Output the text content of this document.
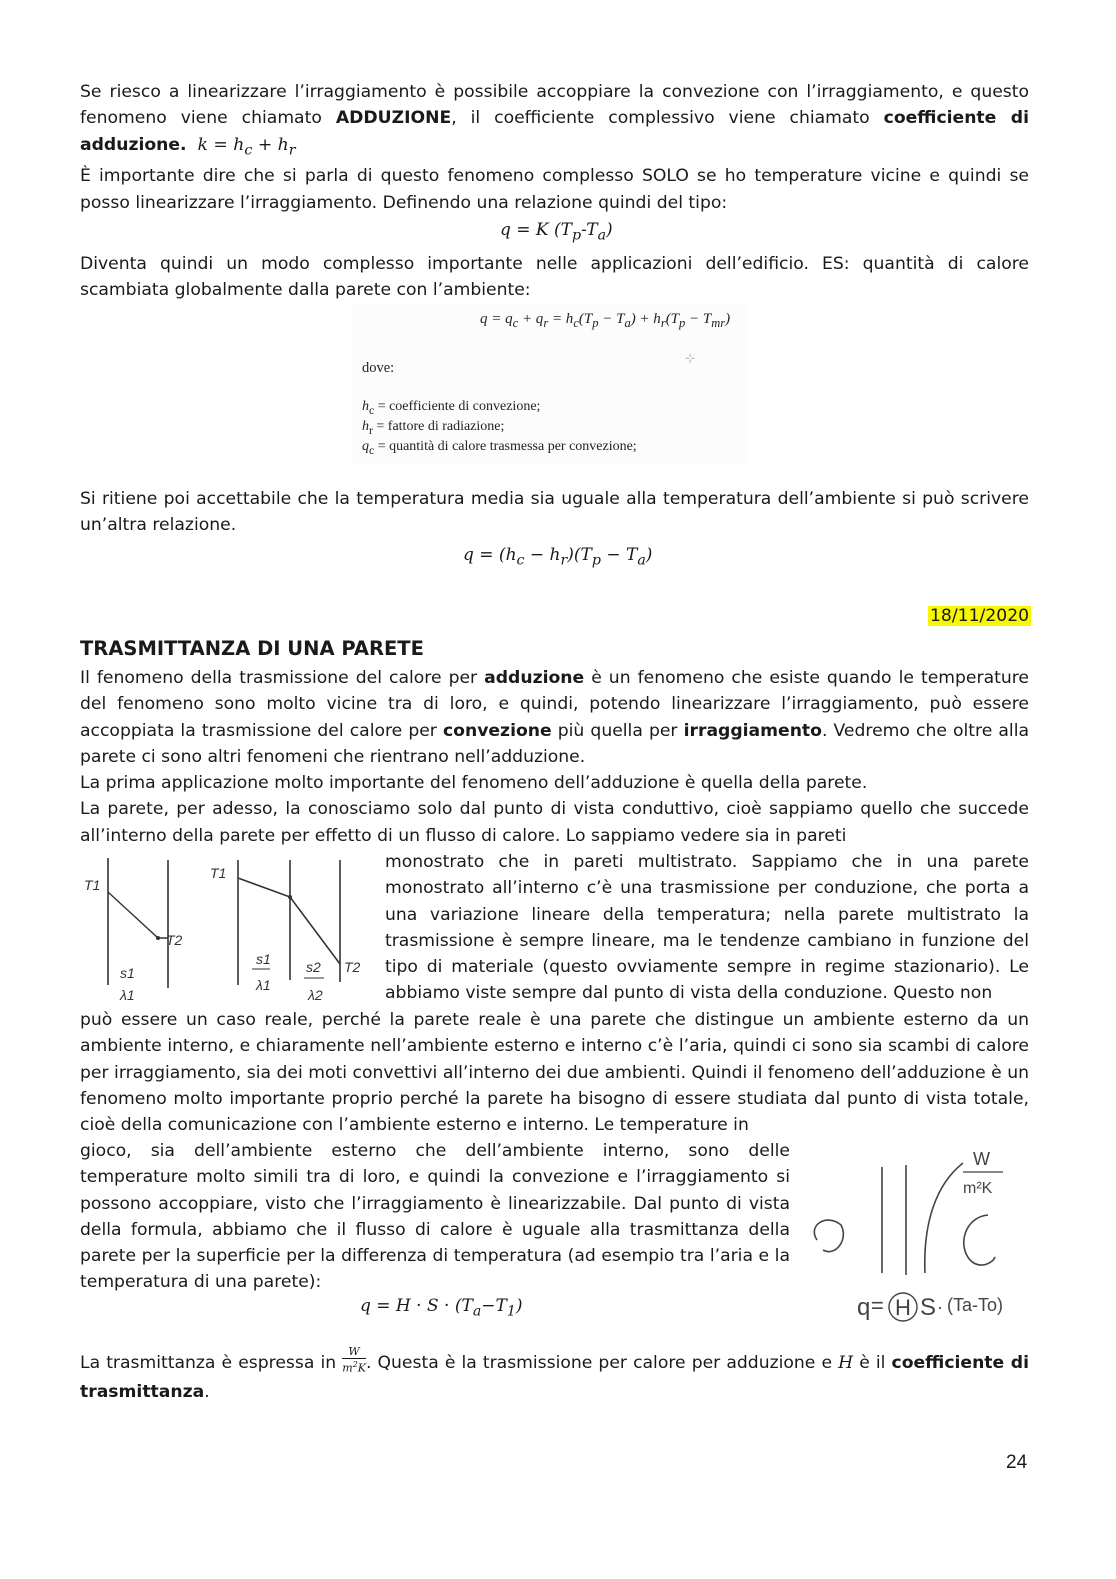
Se riesco a linearizzare l’irraggiamento è possibile accoppiare la convezione con l’irraggiamento, e questo fenomeno viene chiamato ADDUZIONE, il coefficiente complessivo viene chiamato coefficiente di adduzione. $k = h_c + h_r$

È importante dire che si parla di questo fenomeno complesso SOLO se ho temperature vicine e quindi se posso linearizzare l’irraggiamento. Definendo una relazione quindi del tipo:

q = K $(T_p-T_a)$

Diventa quindi un modo complesso importante nelle applicazioni dell’edificio. ES: quantità di calore scambiata globalmente dalla parete con l’ambiente:

$q = q_c + q_r = h_c(T_p - T_a) + h_r(T_p - T_{mr})$
dove:
$h_c$ = coefficiente di convezione;
$h_r$ = fattore di radiazione;
$q_c$ = quantità di calore trasmessa per convezione;
⊹

Si ritiene poi accettabile che la temperatura media sia uguale alla temperatura dell’ambiente si può scrivere un’altra relazione.

$q = (h_c - h_r)(T_p - T_a)$
18/11/2020
TRASMITTANZA DI UNA PARETE

Il fenomeno della trasmissione del calore per adduzione è un fenomeno che esiste quando le temperature del fenomeno sono molto vicine tra di loro, e quindi, potendo linearizzare l’irraggiamento, può essere accoppiata la trasmissione del calore per convezione più quella per irraggiamento. Vedremo che oltre alla parete ci sono altri fenomeni che rientrano nell’adduzione.

La prima applicazione molto importante del fenomeno dell’adduzione è quella della parete.

La parete, per adesso, la conosciamo solo dal punto di vista conduttivo, cioè sappiamo quello che succede all’interno della parete per effetto di un flusso di calore. Lo sappiamo vedere sia in pareti

T1
T2
s1
λ1
T1
T2
s1
λ1
s2
λ2

monostrato che in pareti multistrato. Sappiamo che in una parete monostrato all’interno c’è una trasmissione per conduzione, che porta a una variazione lineare della temperatura; nella parete multistrato la trasmissione è sempre lineare, ma le tendenze cambiano in funzione del tipo di materiale (questo ovviamente sempre in regime stazionario). Le abbiamo viste sempre dal punto di vista della conduzione. Questo non

può essere un caso reale, perché la parete reale è una parete che distingue un ambiente esterno da un ambiente interno, e chiaramente nell’ambiente esterno e interno c’è l’aria, quindi ci sono sia scambi di calore per irraggiamento, sia dei moti convettivi all’interno dei due ambienti. Quindi il fenomeno dell’adduzione è un fenomeno molto importante proprio perché la parete ha bisogno di essere studiata dal punto di vista totale, cioè della comunicazione con l’ambiente esterno e interno. Le temperature in

gioco, sia dell’ambiente esterno che dell’ambiente interno, sono delle temperature molto simili tra di loro, e quindi la convezione e l’irraggiamento si possono accoppiare, visto che l’irraggiamento è linearizzabile. Dal punto di vista della formula, abbiamo che il flusso di calore è uguale alla trasmittanza della parete per la superficie per la differenza di temperatura (ad esempio tra l’aria e la temperatura di una parete):

$q = H \cdot S \cdot (T_a-T_1)$
W
m²K
q = H S · (Ta-To)

La trasmittanza è espressa in $\frac{W}{m^2K}$ . Questa è la trasmissione per calore per adduzione e H è il coefficiente di trasmittanza.

24
